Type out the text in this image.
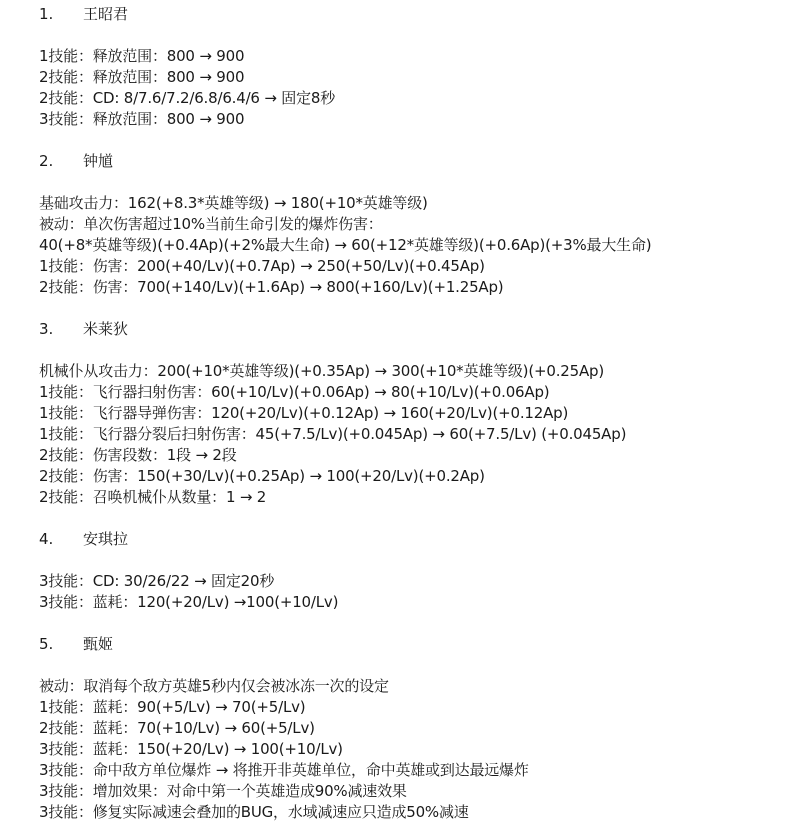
1.	王昭君
1技能：释放范围：800 → 900
2技能：释放范围：800 → 900
2技能：CD: 8/7.6/7.2/6.8/6.4/6 → 固定8秒
3技能：释放范围：800 → 900
2.	钟馗
基础攻击力：162(+8.3*英雄等级) → 180(+10*英雄等级)
被动：单次伤害超过10%当前生命引发的爆炸伤害：
40(+8*英雄等级)(+0.4Ap)(+2%最大生命) → 60(+12*英雄等级)(+0.6Ap)(+3%最大生命)
1技能：伤害：200(+40/Lv)(+0.7Ap) → 250(+50/Lv)(+0.45Ap)
2技能：伤害：700(+140/Lv)(+1.6Ap) → 800(+160/Lv)(+1.25Ap)
3.	米莱狄
机械仆从攻击力：200(+10*英雄等级)(+0.35Ap) → 300(+10*英雄等级)(+0.25Ap)
1技能：飞行器扫射伤害：60(+10/Lv)(+0.06Ap) → 80(+10/Lv)(+0.06Ap)
1技能：飞行器导弹伤害：120(+20/Lv)(+0.12Ap) → 160(+20/Lv)(+0.12Ap)
1技能：飞行器分裂后扫射伤害：45(+7.5/Lv)(+0.045Ap) → 60(+7.5/Lv) (+0.045Ap)
2技能：伤害段数：1段 → 2段
2技能：伤害：150(+30/Lv)(+0.25Ap) → 100(+20/Lv)(+0.2Ap)
2技能：召唤机械仆从数量：1 → 2
4.	安琪拉
3技能：CD: 30/26/22 → 固定20秒
3技能：蓝耗：120(+20/Lv) →100(+10/Lv)
5.	甄姬
被动：取消每个敌方英雄5秒内仅会被冰冻一次的设定
1技能：蓝耗：90(+5/Lv) → 70(+5/Lv)
2技能：蓝耗：70(+10/Lv) → 60(+5/Lv)
3技能：蓝耗：150(+20/Lv) → 100(+10/Lv)
3技能：命中敌方单位爆炸 → 将推开非英雄单位，命中英雄或到达最远爆炸
3技能：增加效果：对命中第一个英雄造成90%减速效果
3技能：修复实际减速会叠加的BUG，水域减速应只造成50%减速
